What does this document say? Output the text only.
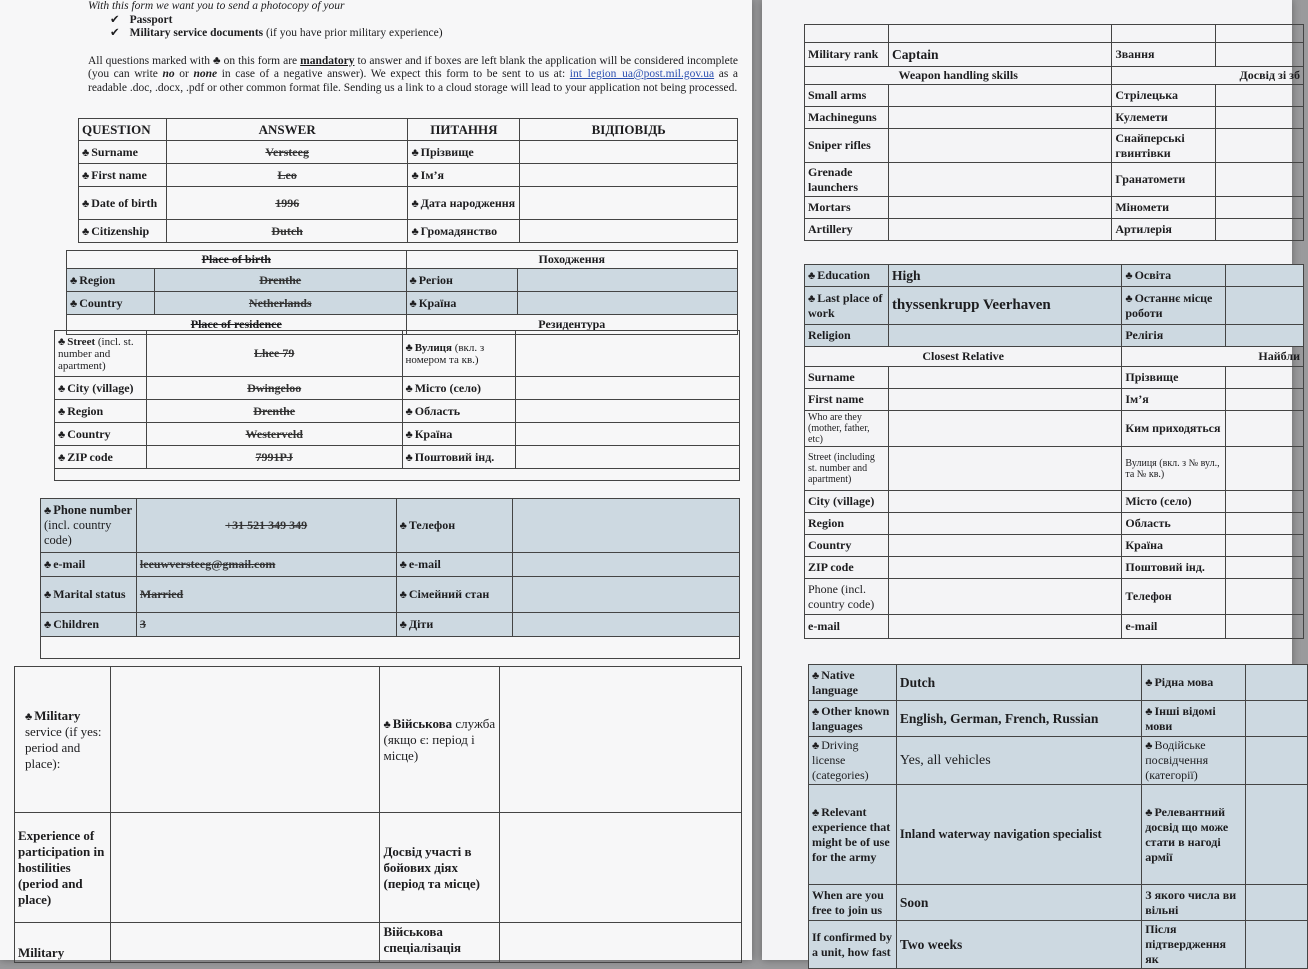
With this form we want you to send a photocopy of your
✔ Passport
✔ Military service documents (if you have prior military experience)
All questions marked with ♣ on this form are mandatory to answer and if boxes are left blank the application will be considered incomplete (you can write no or none in case of a negative answer). We expect this form to be sent to us at: int_legion_ua@post.mil.gov.ua as a readable .doc, .docx, .pdf or other common format file. Sending us a link to a cloud storage will lead to your application not being processed.
QUESTION	ANSWER	ПИТАННЯ	ВІДПОВІДЬ
♣ Surname	Versteeg	♣ Прізвище	
♣ First name	Leo	♣ Ім’я	
♣ Date of birth	1996	♣ Дата народження	
♣ Citizenship	Dutch	♣ Громадянство	
Place of birth		Походження	
♣ Region	Drenthe	♣ Регіон	
♣ Country	Netherlands	♣ Країна	
Place of residence		Резидентура	
♣ Street (incl. st. number and apartment)	Lhee 79	♣ Вулиця (вкл. з номером та кв.)	
♣ City (village)	Dwingeloo	♣ Місто (село)	
♣ Region	Drenthe	♣ Область	
♣ Country	Westerveld	♣ Країна	
♣ ZIP code	7991PJ	♣ Поштовий інд.	

♣ Phone number (incl. country code)	+31 521 349 349	♣ Телефон	
♣ e-mail	leeuwversteeg@gmail.com	♣ e-mail	
♣ Marital status	Married	♣ Сімейний стан	
♣ Children	3	♣ Діти	

♣ Military service (if yes: period and place):		♣ Військова служба (якщо є: період і місце)	
Experience of participation in hostilities (period and place)		Досвід участі в бойових діях (період та місце)	
Military		Військова спеціалізація	

Military rank	Captain	Звання	
Weapon handling skills		Досвід зі зб	
Small arms		Стрілецька	
Machineguns		Кулемети	
Sniper rifles		Снайперські гвинтівки	
Grenade launchers		Гранатомети	
Mortars		Міномети	
Artillery		Артилерія	
♣ Education	High	♣ Освіта	
♣ Last place of work	thyssenkrupp Veerhaven	♣ Останнє місце роботи	
Religion		Релігія	
Closest Relative		Найбли	
Surname		Прізвище	
First name		Ім’я	
Who are they (mother, father, etc)		Ким приходяться	
Street (including st. number and apartment)		Вулиця (вкл. з № вул., та № кв.)	
City (village)		Місто (село)	
Region		Область	
Country		Країна	
ZIP code		Поштовий інд.	
Phone (incl. country code)		Телефон	
e-mail		e-mail	
♣ Native language	Dutch	♣ Рідна мова	
♣ Other known languages	English, German, French, Russian	♣ Інші відомі мови	
♣ Driving license (categories)	Yes, all vehicles	♣ Водійське посвідчення (категорії)	
♣ Relevant experience that might be of use for the army	Inland waterway navigation specialist	♣ Релевантний досвід що може стати в нагоді армії	
When are you free to join us	Soon	З якого числа ви вільні	
If confirmed by a unit, how fast	Two weeks	Після підтвердження як	
